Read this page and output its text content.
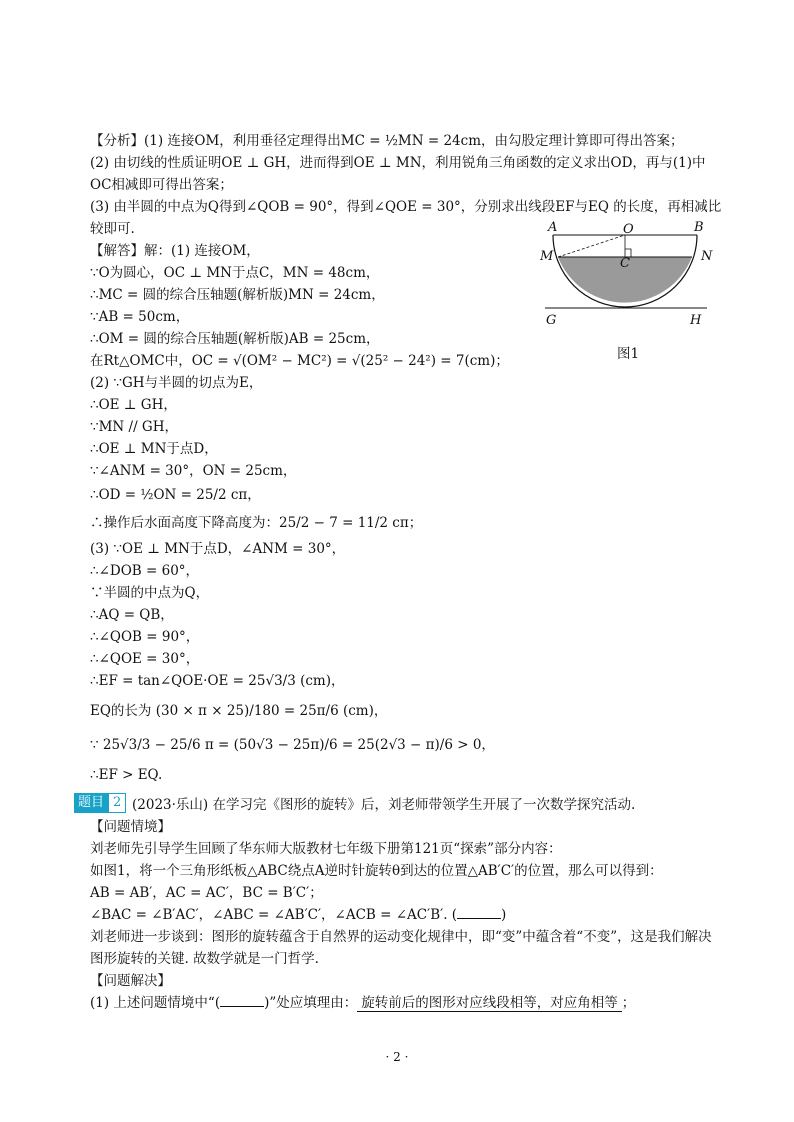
【分析】(1) 连接OM，利用垂径定理得出MC = ½MN = 24cm，由勾股定理计算即可得出答案；
(2) 由切线的性质证明OE ⊥ GH，进而得到OE ⊥ MN，利用锐角三角函数的定义求出OD，再与(1)中
OC相减即可得出答案；
(3) 由半圆的中点为Q得到∠QOB = 90°，得到∠QOE = 30°，分别求出线段EF与EQ 的长度，再相减比
较即可.
【解答】解：(1) 连接OM，
∵O为圆心，OC ⊥ MN于点C，MN = 48cm，
∴MC = 圆的综合压轴题(解析版)MN = 24cm，
∵AB = 50cm，
∴OM = 圆的综合压轴题(解析版)AB = 25cm，
在Rt△OMC中，OC = √(OM² − MC²) = √(25² − 24²) = 7(cm)；
(2) ∵GH与半圆的切点为E，
∴OE ⊥ GH，
∵MN // GH，
∴OE ⊥ MN于点D，
∵∠ANM = 30°，ON = 25cm，
∴OD = ½ON = 25/2 cπ，
∴操作后水面高度下降高度为：25/2 − 7 = 11/2 cπ；
(3) ∵OE ⊥ MN于点D，∠ANM = 30°，
∴∠DOB = 60°，
∵半圆的中点为Q，
∴AQ = QB，
∴∠QOB = 90°，
∴∠QOE = 30°，
∴EF = tan∠QOE·OE = 25√3/3 (cm)，
EQ的长为 (30 × π × 25)/180 = 25π/6 (cm)，
∵ 25√3/3 − 25/6 π = (50√3 − 25π)/6 = 25(2√3 − π)/6 > 0，
∴EF > EQ.
A	O	B
M	C	N
G	H
图1
题目 2 (2023·乐山) 在学习完《图形的旋转》后，刘老师带领学生开展了一次数学探究活动.
【问题情境】
刘老师先引导学生回顾了华东师大版教材七年级下册第121页“探索”部分内容：
如图1，将一个三角形纸板△ABC绕点A逆时针旋转θ到达的位置△AB′C′的位置，那么可以得到：
AB = AB′，AC = AC′，BC = B′C′；
∠BAC = ∠B′AC′，∠ABC = ∠AB′C′，∠ACB = ∠AC′B′. (	)
刘老师进一步谈到：图形的旋转蕴含于自然界的运动变化规律中，即“变”中蕴含着“不变”，这是我们解决
图形旋转的关键. 故数学就是一门哲学.
【问题解决】
(1) 上述问题情境中“(	)”处应填理由： 旋转前后的图形对应线段相等，对应角相等 ；
· 2 ·
